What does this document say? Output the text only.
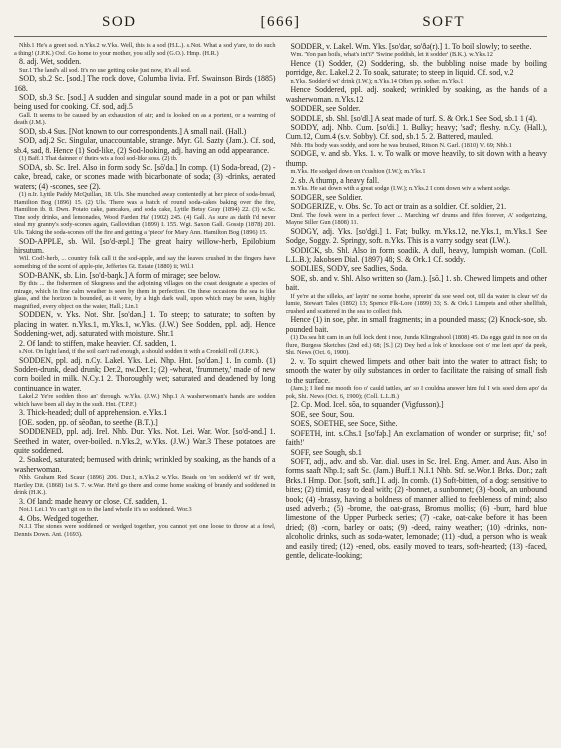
SOD	[666]	SOFT

Nhb.1 He's a greet sod. n.Yks.2 w.Yks. Well, this is a sod (H.L.). s.Not. What a sod y'are, to do such a thing! (J.P.K.) Oxf. Go home to your mother, you silly sod (G.O.). Hmp. (H.R.)

8. adj. Wet, sodden.

Sur.1 The land's all sod. It's no use getting coke just now, it's all sod.

SOD, sb.2 Sc. [sod.] The rock dove, Columba livia. Frf. Swainson Birds (1885) 168.

SOD, sb.3 Sc. [sod.] A sudden and singular sound made in a pot or pan whilst being used for cooking. Cf. sod, adj.5

Gall. It seems to be caused by an exhaustion of air; and is looked on as a portent, or a warning of death (J.M.).

SOD, sb.4 Sus. [Not known to our correspondents.] A small nail. (Hall.)

SOD, adj.2 Sc. Singular, unaccountable, strange. Myr. Gl. Sazty (Jam.). Cf. sod, sb.4, sad, 8. Hence (1) Sod-like, (2) Sod-looking, adj. having an odd appearance.

(1) Baff.1 That dainner o' theirs wis a fool sod-like soss. (2) ib.

SODA, sb. Sc. Irel. Also in form sody Sc. [sō'da.] In comp. (1) Soda-bread, (2) -cake, bread, cake, or scones made with bicarbonate of soda; (3) -drinks, aerated waters; (4) -scones, see (2).

(1) n.Ir. Lyttle Paddy McQuillan, 18. Uls. She munched away contentedly at her piece of soda-bread, Hamilton Bog (1896) 15. (2) Uls. There was a batch of round soda-cakes baking over the fire, Hamilton ib. 8. Dwn. Potato cake, pancakes, and soda cake, Lyttle Betsy Gray (1894) 22. (3) w.Sc. Tine sody drinks, and lemonades, Wood Farden Ha' (1902) 245. (4) Gall. As sure as daith I'd never steal my granny's sody-scones again, Gallovidian (1899) I. 155. Wgt. Saxon Gall. Gossip (1878) 201. Uls. Taking the soda-scones off the fire and getting a 'piece' for Mary Ann. Hamilton Bog (1896) 15.

SOD-APPLE, sb. Wil. [so'd-æpl.] The great hairy willow-herb, Epilobium hirsutum.

Wil. Cod!-herb, ... country folk call it the sod-apple, and say the leaves crushed in the fingers have something of the scent of apple-pie, Jefferies Gt. Estate (1880) ii; Wil.1

SOD-BANK, sb. Lin. [so'd-baŋk.] A form of mirage; see below.

By this ... the fishermen of Skegness and the adjoining villages on the coast designate a species of mirage, which in fine calm weather is seen by them in perfection. On these occasions the sea is like glass, and the horizon is bounded, as it were, by a high dark wall, upon which may be seen, highly magnified, every object on the water, Hall.; Lin.1

SODDEN, v. Yks. Not. Shr. [so'dən.] 1. To steep; to saturate; to soften by placing in water. n.Yks.1, m.Yks.1, w.Yks. (J.W.) See Sodden, ppl. adj. Hence Soddening-wet, adj. saturated with moisture. Shr.1

2. Of land: to stiffen, make heavier. Cf. sadden, 1.

s.Not. On light land, if the soil can't rad enough, a should sodden it with a Cronkill roll (J.P.K.).

SODDEN, ppl. adj. n.Cy. Lakel. Yks. Lei. Nhp. Hnt. [so'dən.] 1. In comb. (1) Sodden-drunk, dead drunk; Der.2, nw.Der.1; (2) -wheat, 'frummety,' made of new corn boiled in milk. N.Cy.1 2. Thoroughly wet; saturated and deadened by long continuance in water.

Lakel.2 Ye're sodden thoo an' through. w.Yks. (J.W.) Nhp.1 A washerwoman's hands are sodden which have been all day in the sudi. Hnt. (T.P.F.)

3. Thick-headed; dull of apprehension. e.Yks.1

[OE. soden, pp. of sēoðan, to seethe (B.T.).]

SODDENED, ppl. adj. Irel. Nhb. Dur. Yks. Not. Lei. War. Wor. [so'd-ənd.] 1. Seethed in water, over-boiled. n.Yks.2, w.Yks. (J.W.) War.3 These potatoes are quite soddened.

2. Soaked, saturated; bemused with drink; wrinkled by soaking, as the hands of a washerwoman.

Nhb. Graham Red Scaur (1896) 206. Dur.1, n.Yks.2 w.Yks. Beads on 'en sodden'd wi' th' weit, Hartley Dit. (1868) 1st S. 7. w.War. He'd go there and come home soaking of brandy and soddened in drink (H.K.).

3. Of land: made heavy or close. Cf. sadden, 1.

Not.1 Lei.1 Yo can't git on to the land whoile it's so soddened. Wor.3

4. Obs. Wedged together.

N.I.1 The stones were soddened or wedged together, you cannot yet one loose to throw at a fowl, Dennis Down. Ant. (1693).

SODDER, v. Lakel. Wm. Yks. [so'dər, so'ðə(r).] 1. To boil slowly; to seethe.

Wm. 'Yon pan boils, what's int't?' 'Swine poddish, let it sodder' (B.K.). w.Yks.12

Hence (1) Sodder, (2) Soddering, sb. the bubbling noise made by boiling porridge, &c. Lakel.2 2. To soak, saturate; to steep in liquid. Cf. sod, v.2

n.Yks. Sodder'd wi' drink (I.W.); n.Yks.14 Often pp. sother. m.Yks.1

Hence Soddered, ppl. adj. soaked; wrinkled by soaking, as the hands of a washerwoman. n.Yks.12

SODDER, see Solder.

SODDLE, sb. Shl. [so'dl.] A seat made of turf. S. & Ork.1 See Sod, sb.1 1 (4).

SODDY, adj. Nhb. Cum. [so'di.] 1. Bulky; heavy; 'sad'; fleshy. n.Cy. (Hall.), Cum.12, Cum.4 (s.v. Sobby). Cf. sod, sb.1 5. 2. Battered, mauled.

Nhb. His body was soddy, and sore he was bruised, Ritson N. Garl. (1810) V. 69; Nhb.1

SODGE, v. and sb. Yks. 1. v. To walk or move heavily, to sit down with a heavy thump.

m.Yks. He sodged down on t'cushion (I.W.); m.Yks.1

2. sb. A thump, a heavy fall.

m.Yks. He sat down with a great sodge (I.W.); n.Yks.2 I com down wiv a whent sodge.

SODGER, see Soldier.

SODGERIZE, v. Obs. Sc. To act or train as a soldier. Cf. soldier, 21.

Dmf. The fowk were in a perfect fever ... Marching wi' drums and fifes forever, A' sodgerizing, Mayne Siller Gun (1808) 11.

SODGY, adj. Yks. [so'dgi.] 1. Fat; bulky. m.Yks.12, ne.Yks.1, m.Yks.1 See Sodge, Soggy. 2. Springy, soft. n.Yks. This is a varry sodgy seat (I.W.).

SODICK, sb. Shl. Also in form soadik. A dull, heavy, lumpish woman. (Coll. L.L.B.); Jakobsen Dial. (1897) 48; S. & Ork.1 Cf. soddy.

SODLIES, SODY, see Sadlies, Soda.

SOE, sb. and v. Shl. Also written so (Jam.). [sō.] 1. sb. Chewed limpets and other bait.

If ye're at the silleks, an' layin' ne some hoehe, spreein' da soe weel oot, till da water is clear wi' da lumie, Stewart Tales (1892) 13; Spence Flk-Lore (1899) 33; S. & Ork.1 Limpets and other shellfish, crushed and scattered in the sea to collect fish.

Hence (1) in soe, phr. in small fragments; in a pounded mass; (2) Knock-soe, sb. pounded bait.

(1) Da sea hit cam in an full lock dent i noe, Junda Klingrahool (1808) 45. Da eggs guid in noe on da flure, Burgess Sketches (2nd ed.) 68; [S.] (2) Dey hed a lok o' knocksoe oot o' me leet apo' da peek, Shi. News (Oct. 6, 1900).

2. v. To squirt chewed limpets and other bait into the water to attract fish; to smooth the water by oily substances in order to facilitate the raising of small fish to the surface.

(Jam.); I lied me mooth foo o' cauld tattles, an' so I couldna answer him ful I wis soed dem apo' da pok, Shi. News (Oct. 6, 1900); (Coll. L.L.B.)

[2. Cp. Mod. Icel. sōa, to squander (Vigfusson).]

SOE, see Sour, Sou.

SOES, SOETHE, see Soce, Sithe.

SOFETH, int. s.Chs.1 [so'fəþ.] An exclamation of wonder or surprise; fit,' so! faith!'

SOFF, see Sough, sb.1

SOFT, adj., adv. and sb. Var. dial. uses in Sc. Irel. Eng. Amer. and Aus. Also in forms saaft Nhp.1; saft Sc. (Jam.) Buff.1 N.I.1 Nhb. Stf. se.Wor.1 Brks. Dor.; zaft Brks.1 Hmp. Dor. [soft, sɑft.] I. adj. In comb. (1) Soft-bitten, of a dog: sensitive to bites; (2) timid, easy to deal with; (2) -bonnet, a sunbonnet; (3) -book, an unbound book; (4) -brassy, having a boldness of manner allied to feebleness of mind; also used adverb.; (5) -brome, the oat-grass, Bromus mollis; (6) -burr, hard blue limestone of the Upper Purbeck series; (7) -cake, oat-cake before it has been dried; (8) -corn, barley or oats; (9) -deed, rainy weather; (10) -drinks, non-alcoholic drinks, such as soda-water, lemonade; (11) -dud, a person who is weak and easily tired; (12) -ened, obs. easily moved to tears, soft-hearted; (13) -faced, gentle, delicate-looking;
